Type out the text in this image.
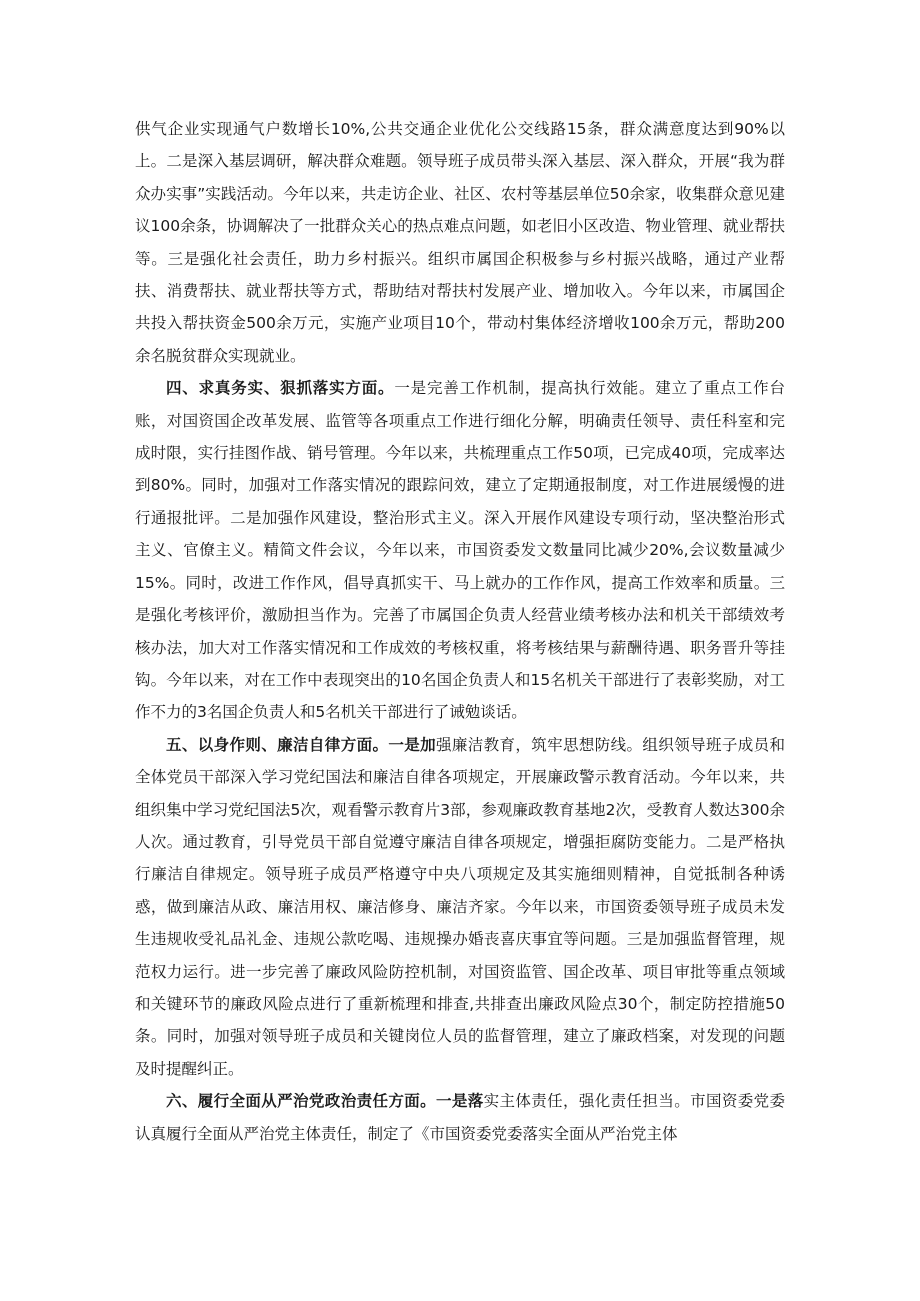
供气企业实现通气户数增长10%,公共交通企业优化公交线路15条，群众满意度达到90%以上。二是深入基层调研，解决群众难题。领导班子成员带头深入基层、深入群众，开展“我为群众办实事”实践活动。今年以来，共走访企业、社区、农村等基层单位50余家，收集群众意见建议100余条，协调解决了一批群众关心的热点难点问题，如老旧小区改造、物业管理、就业帮扶等。三是强化社会责任，助力乡村振兴。组织市属国企积极参与乡村振兴战略，通过产业帮扶、消费帮扶、就业帮扶等方式，帮助结对帮扶村发展产业、增加收入。今年以来，市属国企共投入帮扶资金500余万元，实施产业项目10个，带动村集体经济增收100余万元，帮助200余名脱贫群众实现就业。

四、求真务实、狠抓落实方面。一是完善工作机制，提高执行效能。建立了重点工作台账，对国资国企改革发展、监管等各项重点工作进行细化分解，明确责任领导、责任科室和完成时限，实行挂图作战、销号管理。今年以来，共梳理重点工作50项，已完成40项，完成率达到80%。同时，加强对工作落实情况的跟踪问效，建立了定期通报制度，对工作进展缓慢的进行通报批评。二是加强作风建设，整治形式主义。深入开展作风建设专项行动，坚决整治形式主义、官僚主义。精简文件会议，今年以来，市国资委发文数量同比减少20%,会议数量减少15%。同时，改进工作作风，倡导真抓实干、马上就办的工作作风，提高工作效率和质量。三是强化考核评价，激励担当作为。完善了市属国企负责人经营业绩考核办法和机关干部绩效考核办法，加大对工作落实情况和工作成效的考核权重，将考核结果与薪酬待遇、职务晋升等挂钩。今年以来，对在工作中表现突出的10名国企负责人和15名机关干部进行了表彰奖励，对工作不力的3名国企负责人和5名机关干部进行了诫勉谈话。

五、以身作则、廉洁自律方面。一是加强廉洁教育，筑牢思想防线。组织领导班子成员和全体党员干部深入学习党纪国法和廉洁自律各项规定，开展廉政警示教育活动。今年以来，共组织集中学习党纪国法5次，观看警示教育片3部，参观廉政教育基地2次，受教育人数达300余人次。通过教育，引导党员干部自觉遵守廉洁自律各项规定，增强拒腐防变能力。二是严格执行廉洁自律规定。领导班子成员严格遵守中央八项规定及其实施细则精神，自觉抵制各种诱惑，做到廉洁从政、廉洁用权、廉洁修身、廉洁齐家。今年以来，市国资委领导班子成员未发生违规收受礼品礼金、违规公款吃喝、违规操办婚丧喜庆事宜等问题。三是加强监督管理，规范权力运行。进一步完善了廉政风险防控机制，对国资监管、国企改革、项目审批等重点领域和关键环节的廉政风险点进行了重新梳理和排查,共排查出廉政风险点30个，制定防控措施50条。同时，加强对领导班子成员和关键岗位人员的监督管理，建立了廉政档案，对发现的问题及时提醒纠正。

六、履行全面从严治党政治责任方面。一是落实主体责任，强化责任担当。市国资委党委认真履行全面从严治党主体责任，制定了《市国资委党委落实全面从严治党主体
